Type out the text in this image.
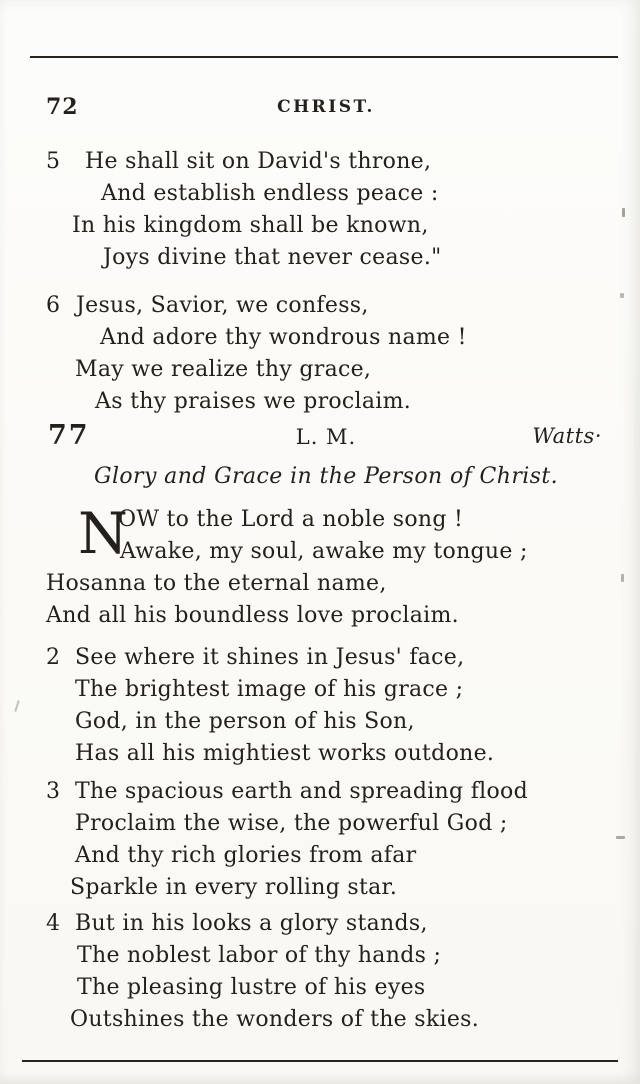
72	CHRIST.
5	He shall sit on David's throne,
And establish endless peace :
In his kingdom shall be known,
Joys divine that never cease."
6 Jesus, Savior, we confess,
And adore thy wondrous name !
May we realize thy grace,
As thy praises we proclaim.
77	L. M.	Watts·
Glory and Grace in the Person of Christ.
N
OW to the Lord a noble song !
Awake, my soul, awake my tongue ;
Hosanna to the eternal name,
And all his boundless love proclaim.
2 See where it shines in Jesus' face,
The brightest image of his grace ;
God, in the person of his Son,
Has all his mightiest works outdone.
3 The spacious earth and spreading flood
Proclaim the wise, the powerful God ;
And thy rich glories from afar
Sparkle in every rolling star.
4 But in his looks a glory stands,
The noblest labor of thy hands ;
The pleasing lustre of his eyes
Outshines the wonders of the skies.
